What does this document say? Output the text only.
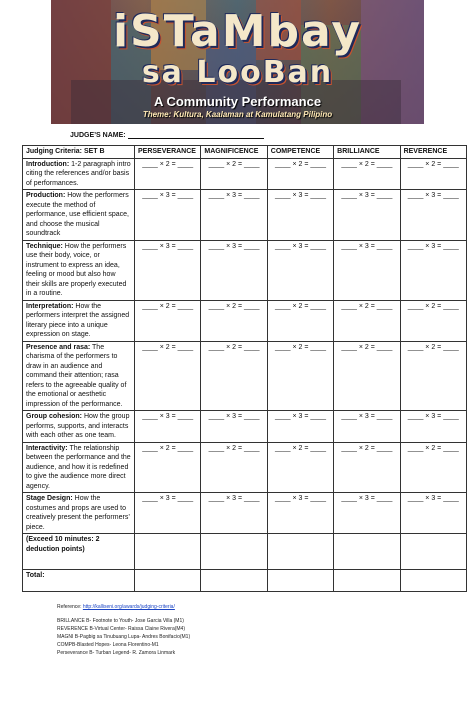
iSTaMbay
sa LooBan
A Community Performance
Theme: Kultura, Kaalaman at Kamulatang Pilipino
JUDGE’S NAME:
Judging Criteria: SET B	PERSEVERANCE	MAGNIFICENCE	COMPETENCE	BRILLIANCE	REVERENCE
Introduction: 1-2 paragraph intro citing the references and/or basis of performances.	____ × 2 = ____	____ × 2 = ____	____ × 2 = ____	____ × 2 = ____	____ × 2 = ____
Production: How the performers execute the method of performance, use efficient space, and choose the musical soundtrack	____ × 3 = ____	____ × 3 = ____	____ × 3 = ____	____ × 3 = ____	____ × 3 = ____
Technique: How the performers use their body, voice, or instrument to express an idea, feeling or mood but also how their skills are properly executed in a routine.	____ × 3 = ____	____ × 3 = ____	____ × 3 = ____	____ × 3 = ____	____ × 3 = ____
Interpretation: How the performers interpret the assigned literary piece into a unique expression on stage.	____ × 2 = ____	____ × 2 = ____	____ × 2 = ____	____ × 2 = ____	____ × 2 = ____
Presence and rasa: The charisma of the performers to draw in an audience and command their attention; rasa refers to the agreeable quality of the emotional or aesthetic impression of the performance.	____ × 2 = ____	____ × 2 = ____	____ × 2 = ____	____ × 2 = ____	____ × 2 = ____
Group cohesion: How the group performs, supports, and interacts with each other as one team.	____ × 3 = ____	____ × 3 = ____	____ × 3 = ____	____ × 3 = ____	____ × 3 = ____
Interactivity: The relationship between the performance and the audience, and how it is redefined to give the audience more direct agency.	____ × 2 = ____	____ × 2 = ____	____ × 2 = ____	____ × 2 = ____	____ × 2 = ____
Stage Design: How the costumes and props are used to creatively present the performers’ piece.	____ × 3 = ____	____ × 3 = ____	____ × 3 = ____	____ × 3 = ____	____ × 3 = ____
(Exceed 10 minutes: 2 deduction points)					
Total:					
Reference: http://kalliseni.org/awards/judging-criteria/
BRILLANCE B- Footnote to Youth- Jose Garcia Villa (M1)
REVERENCE B-Virtual Center- Raissa Claine Rivera(M4)
MAGNI B-Pagbig sa Tinubuang Lupa- Andres Bonifacio(M1)
COMPB-Blasted Hopes- Leona Florentino-M1
Perseverance B- Turban Legend- R. Zamora Linmark
